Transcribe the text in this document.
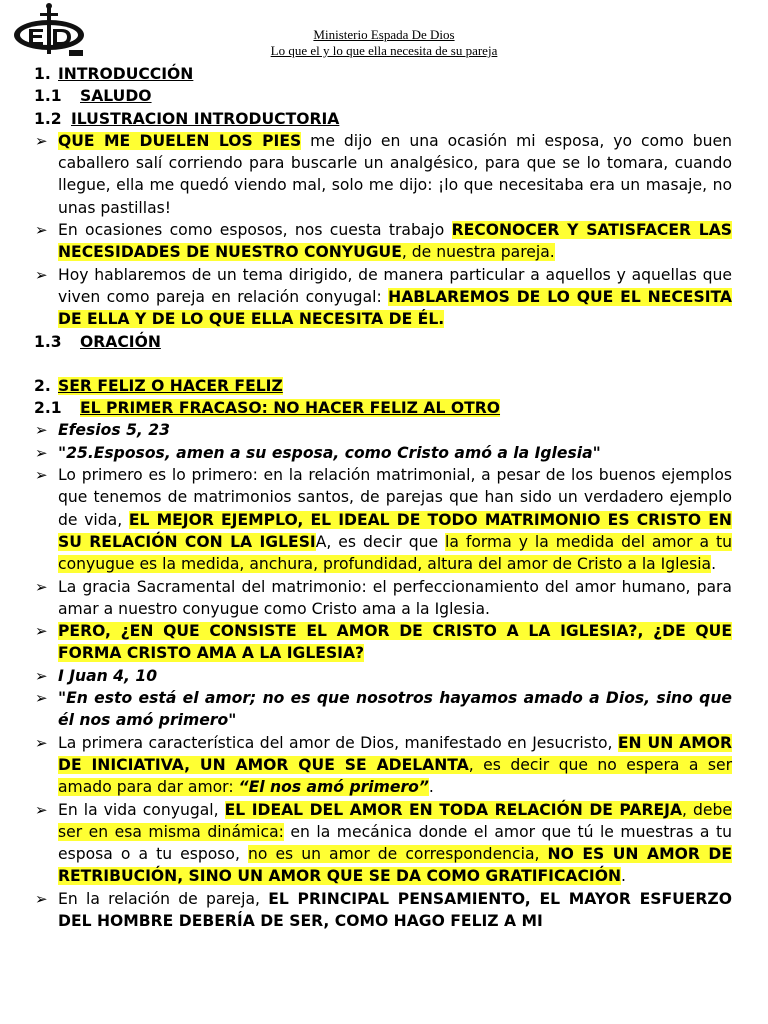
Ministerio Espada De Dios
Lo que el y lo que ella necesita de su pareja
1. INTRODUCCIÓN
1.1 SALUDO
1.2 ILUSTRACION INTRODUCTORIA
➢ QUE ME DUELEN LOS PIES me dijo en una ocasión mi esposa, yo como buen caballero salí corriendo para buscarle un analgésico, para que se lo tomara, cuando llegue, ella me quedó viendo mal, solo me dijo: ¡lo que necesitaba era un masaje, no unas pastillas!
➢ En ocasiones como esposos, nos cuesta trabajo RECONOCER Y SATISFACER LAS NECESIDADES DE NUESTRO CONYUGUE, de nuestra pareja.
➢ Hoy hablaremos de un tema dirigido, de manera particular a aquellos y aquellas que viven como pareja en relación conyugal: HABLAREMOS DE LO QUE EL NECESITA DE ELLA Y DE LO QUE ELLA NECESITA DE ÉL.
1.3 ORACIÓN
2. SER FELIZ O HACER FELIZ
2.1 EL PRIMER FRACASO: NO HACER FELIZ AL OTRO
➢ Efesios 5, 23
➢ "25.Esposos, amen a su esposa, como Cristo amó a la Iglesia"
➢ Lo primero es lo primero: en la relación matrimonial, a pesar de los buenos ejemplos que tenemos de matrimonios santos, de parejas que han sido un verdadero ejemplo de vida, EL MEJOR EJEMPLO, EL IDEAL DE TODO MATRIMONIO ES CRISTO EN SU RELACIÓN CON LA IGLESIA, es decir que la forma y la medida del amor a tu conyugue es la medida, anchura, profundidad, altura del amor de Cristo a la Iglesia.
➢ La gracia Sacramental del matrimonio: el perfeccionamiento del amor humano, para amar a nuestro conyugue como Cristo ama a la Iglesia.
➢ PERO, ¿EN QUE CONSISTE EL AMOR DE CRISTO A LA IGLESIA?, ¿DE QUE FORMA CRISTO AMA A LA IGLESIA?
➢ I Juan 4, 10
➢ "En esto está el amor; no es que nosotros hayamos amado a Dios, sino que él nos amó primero"
➢ La primera característica del amor de Dios, manifestado en Jesucristo, EN UN AMOR DE INICIATIVA, UN AMOR QUE SE ADELANTA, es decir que no espera a ser amado para dar amor: “El nos amó primero”.
➢ En la vida conyugal, EL IDEAL DEL AMOR EN TODA RELACIÓN DE PAREJA, debe ser en esa misma dinámica: en la mecánica donde el amor que tú le muestras a tu esposa o a tu esposo, no es un amor de correspondencia, NO ES UN AMOR DE RETRIBUCIÓN, SINO UN AMOR QUE SE DA COMO GRATIFICACIÓN.
➢ En la relación de pareja, EL PRINCIPAL PENSAMIENTO, EL MAYOR ESFUERZO DEL HOMBRE DEBERÍA DE SER, COMO HAGO FELIZ A MI
